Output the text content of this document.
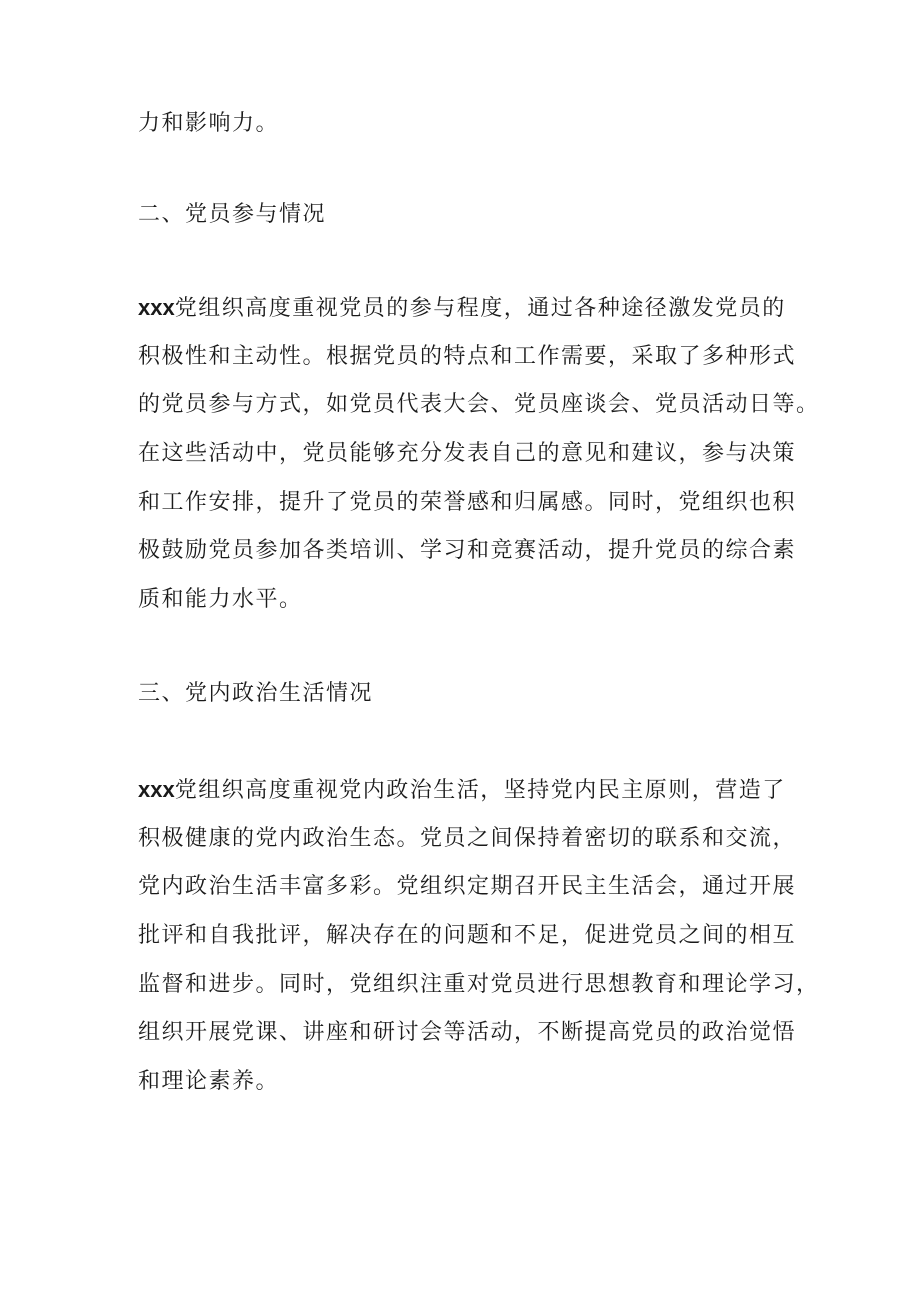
力和影响力。
二、党员参与情况
xxx党组织高度重视党员的参与程度，通过各种途径激发党员的
积极性和主动性。根据党员的特点和工作需要，采取了多种形式
的党员参与方式，如党员代表大会、党员座谈会、党员活动日等。
在这些活动中，党员能够充分发表自己的意见和建议，参与决策
和工作安排，提升了党员的荣誉感和归属感。同时，党组织也积
极鼓励党员参加各类培训、学习和竞赛活动，提升党员的综合素
质和能力水平。
三、党内政治生活情况
xxx党组织高度重视党内政治生活，坚持党内民主原则，营造了
积极健康的党内政治生态。党员之间保持着密切的联系和交流，
党内政治生活丰富多彩。党组织定期召开民主生活会，通过开展
批评和自我批评，解决存在的问题和不足，促进党员之间的相互
监督和进步。同时，党组织注重对党员进行思想教育和理论学习，
组织开展党课、讲座和研讨会等活动，不断提高党员的政治觉悟
和理论素养。
